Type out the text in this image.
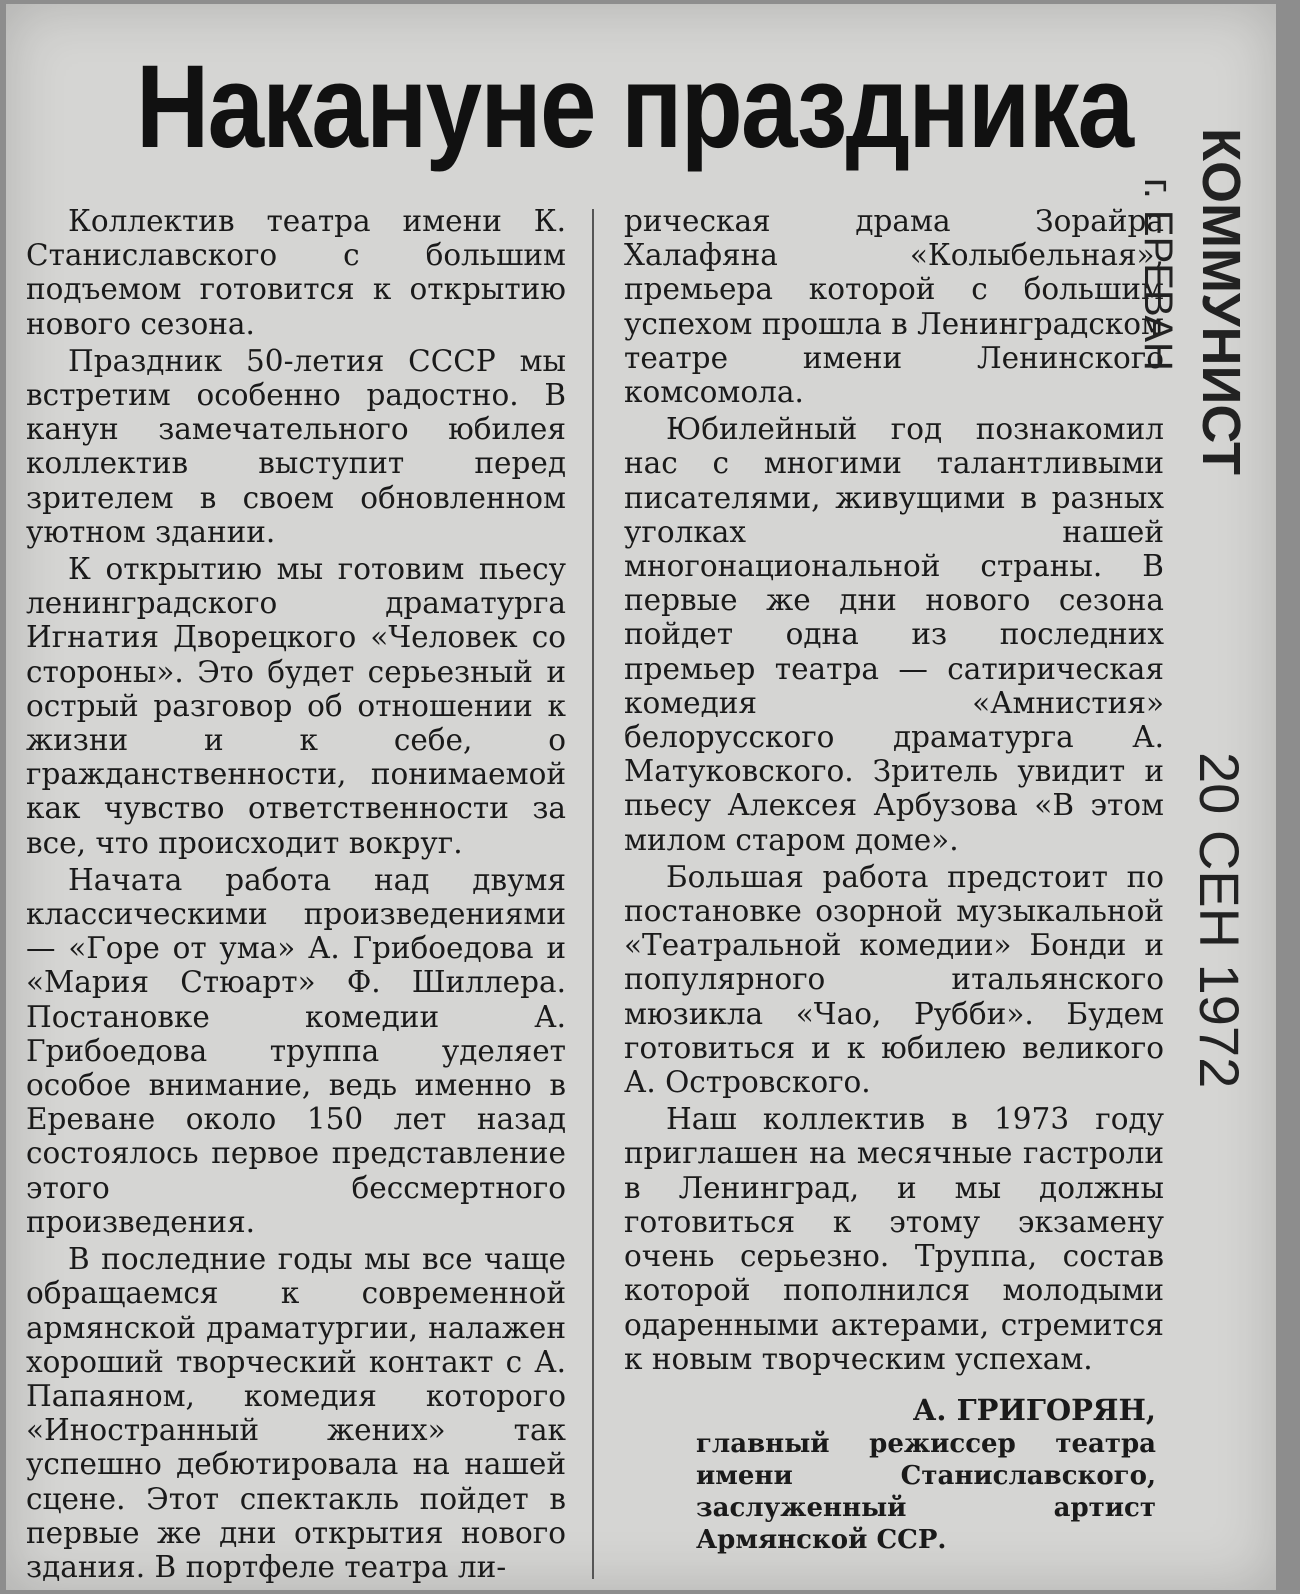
Накануне праздника

Коллектив театра имени К. Станиславского с большим подъемом готовится к открытию нового сезона.

Праздник 50-летия СССР мы встретим особенно радостно. В канун замечательного юбилея коллектив выступит перед зрителем в своем обновленном уютном здании.

К открытию мы готовим пьесу ленинградского драматурга Игнатия Дворецкого «Человек со стороны». Это будет серьезный и острый разговор об отношении к жизни и к себе, о гражданственности, понимаемой как чувство ответственности за все, что происходит вокруг.

Начата работа над двумя классическими произведениями — «Горе от ума» А. Грибоедова и «Мария Стюарт» Ф. Шиллера. Постановке комедии А. Грибоедова труппа уделяет особое внимание, ведь именно в Ереване около 150 лет назад состоялось первое представление этого бессмертного произведения.

В последние годы мы все чаще обращаемся к современной армянской драматургии, налажен хороший творческий контакт с А. Папаяном, комедия которого «Иностранный жених» так успешно дебютировала на нашей сцене. Этот спектакль пойдет в первые же дни открытия нового здания. В портфеле театра ли-

рическая драма Зорайра Халафяна «Колыбельная», премьера которой с большим успехом прошла в Ленинградском театре имени Ленинского комсомола.

Юбилейный год познакомил нас с многими талантливыми писателями, живущими в разных уголках нашей многонациональной страны. В первые же дни нового сезона пойдет одна из последних премьер театра — сатирическая комедия «Амнистия» белорусского драматурга А. Матуковского. Зритель увидит и пьесу Алексея Арбузова «В этом милом старом доме».

Большая работа предстоит по постановке озорной музыкальной «Театральной комедии» Бонди и популярного итальянского мюзикла «Чао, Рубби». Будем готовиться и к юбилею великого А. Островского.

Наш коллектив в 1973 году приглашен на месячные гастроли в Ленинград, и мы должны готовиться к этому экзамену очень серьезно. Труппа, состав которой пополнился молодыми одаренными актерами, стремится к новым творческим успехам.

А. ГРИГОРЯН,
главный режиссер театра имени Станиславского, заслуженный артист Армянской ССР.
КОММУНИСТ
г. ЕРЕВАН
20 СЕН 1972
